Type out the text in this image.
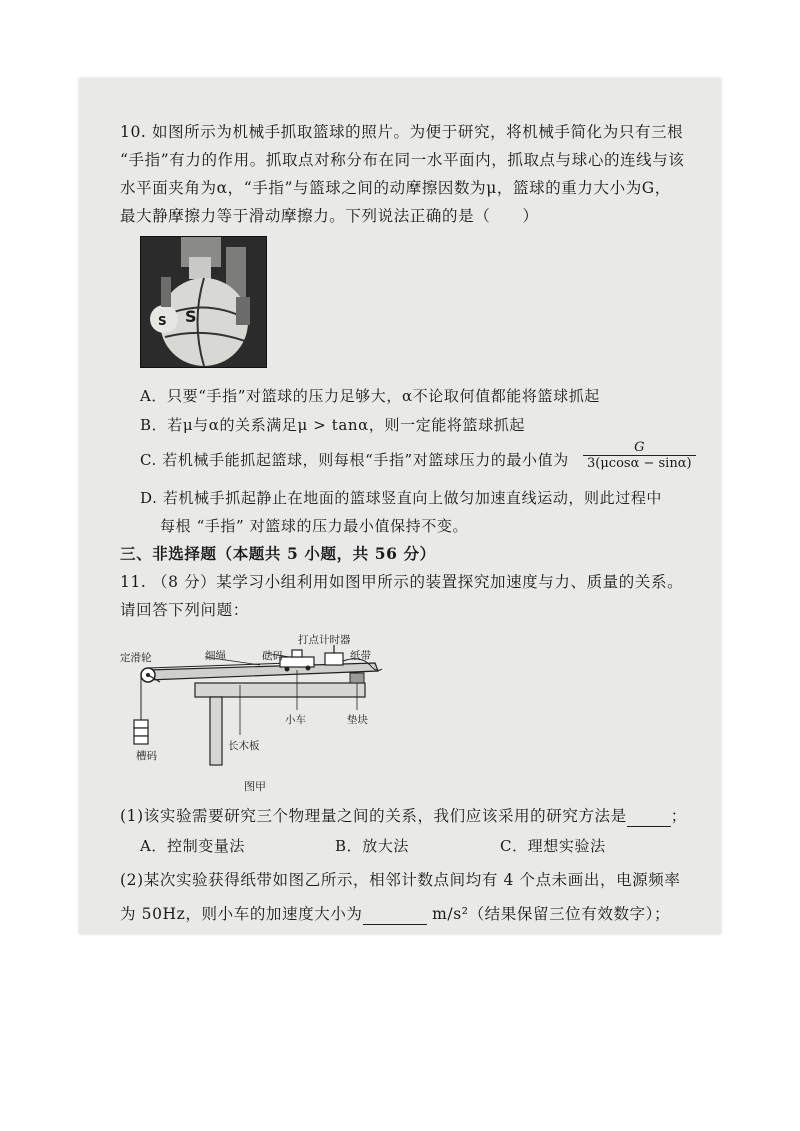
10. 如图所示为机械手抓取篮球的照片。为便于研究，将机械手简化为只有三根
“手指”有力的作用。抓取点对称分布在同一水平面内，抓取点与球心的连线与该
水平面夹角为α，“手指”与篮球之间的动摩擦因数为μ，篮球的重力大小为G，
最大静摩擦力等于滑动摩擦力。下列说法正确的是（　　）
S
S
A．只要“手指”对篮球的压力足够大，α不论取何值都能将篮球抓起
B．若μ与α的关系满足μ > tanα，则一定能将篮球抓起
C. 若机械手能抓起篮球，则每根“手指”对篮球压力的最小值为 $\frac{G}{3(\mu\cos\alpha - \sin\alpha)}$
D. 若机械手抓起静止在地面的篮球竖直向上做匀加速直线运动，则此过程中
每根 “手指” 对篮球的压力最小值保持不变。
三、非选择题（本题共 5 小题，共 56 分）
11. （8 分）某学习小组利用如图甲所示的装置探究加速度与力、质量的关系。
请回答下列问题：
定滑轮	细绳	砝码
打点计时器
纸带
槽码
长木板
小车	垫块
图甲
(1)该实验需要研究三个物理量之间的关系，我们应该采用的研究方法是	；
A．控制变量法	B．放大法	C．理想实验法
(2)某次实验获得纸带如图乙所示，相邻计数点间均有 4 个点未画出，电源频率
为 50Hz，则小车的加速度大小为	m/s²（结果保留三位有效数字）；
